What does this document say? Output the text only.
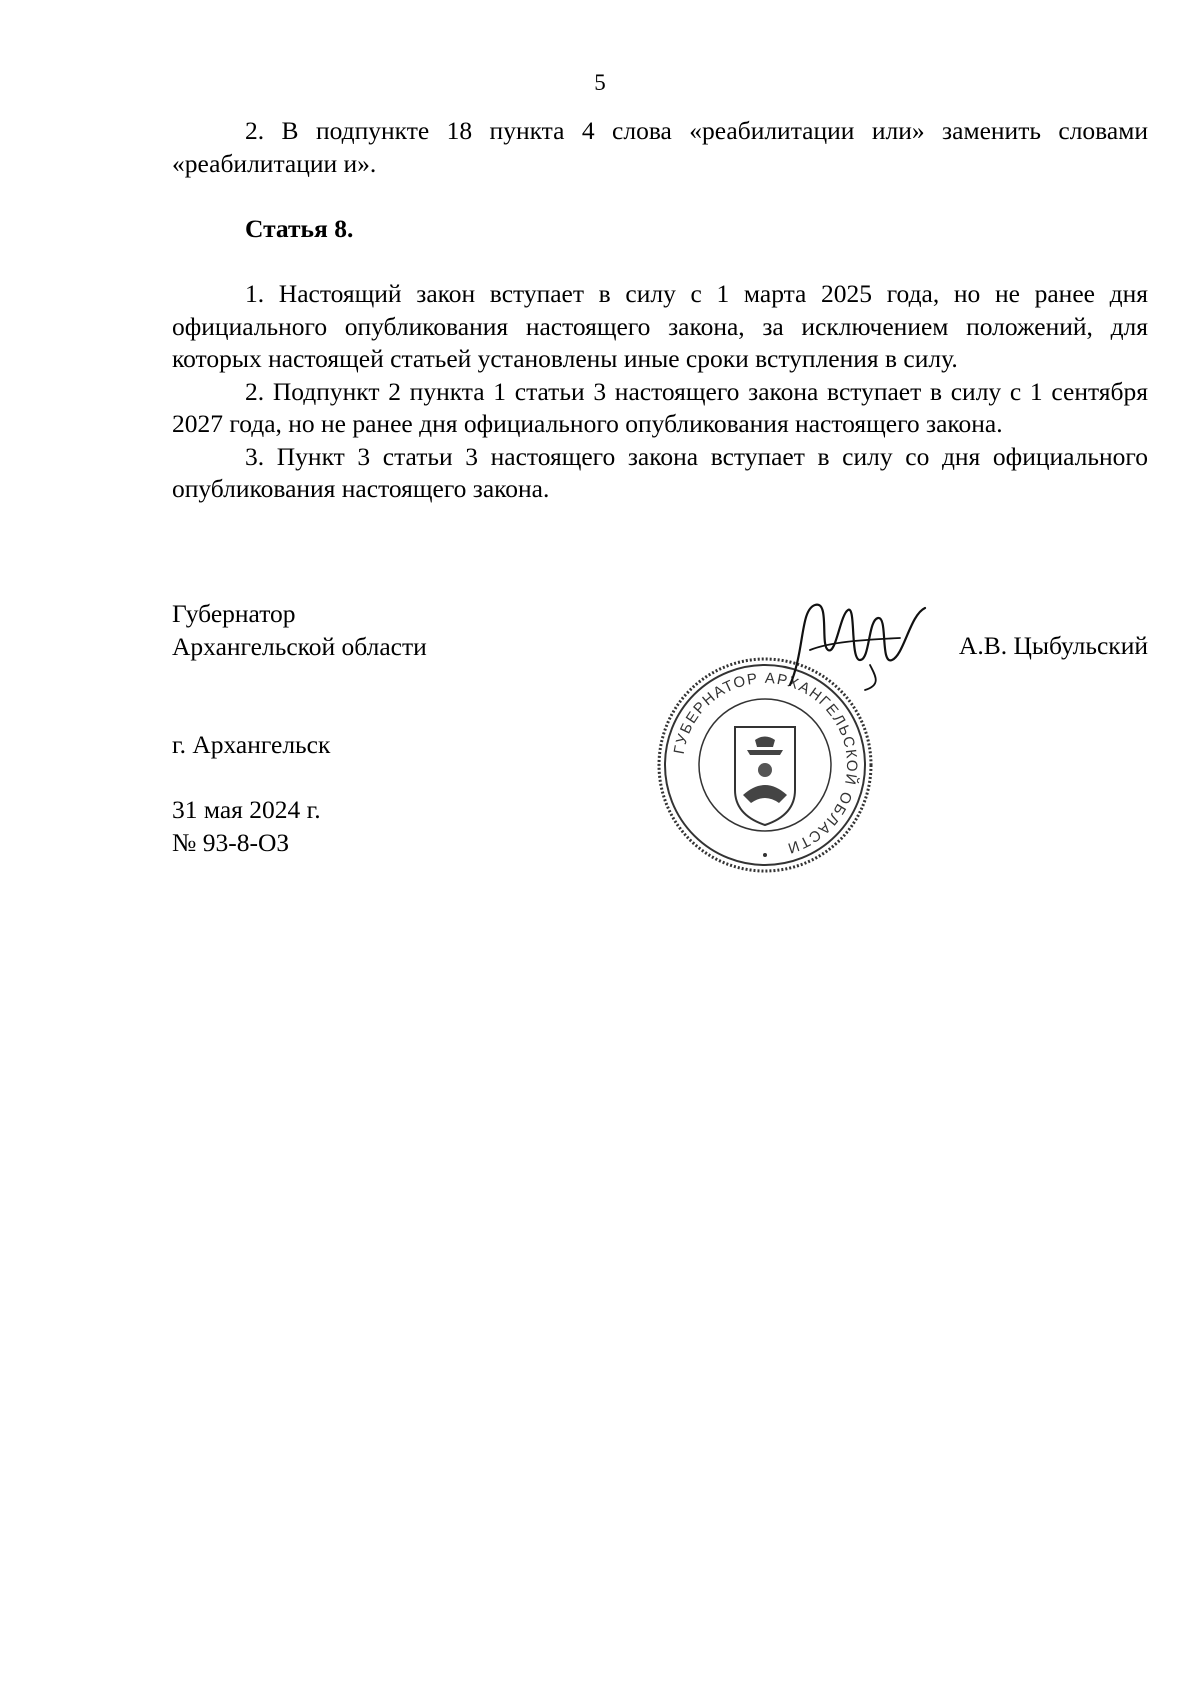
5

2. В подпункте 18 пункта 4 слова «реабилитации или» заменить словами «реабилитации и».

Статья 8.

1. Настоящий закон вступает в силу с 1 марта 2025 года, но не ранее дня официального опубликования настоящего закона, за исключением положений, для которых настоящей статьей установлены иные сроки вступления в силу.

2. Подпункт 2 пункта 1 статьи 3 настоящего закона вступает в силу с 1 сентября 2027 года, но не ранее дня официального опубликования настоящего закона.

3. Пункт 3 статьи 3 настоящего закона вступает в силу со дня официального опубликования настоящего закона.

Губернатор
Архангельской области
ГУБЕРНАТОР АРХАНГЕЛЬСКОЙ ОБЛАСТИ
А.В. Цыбульский
г. Архангельск
31 мая 2024 г.
№ 93-8-ОЗ
